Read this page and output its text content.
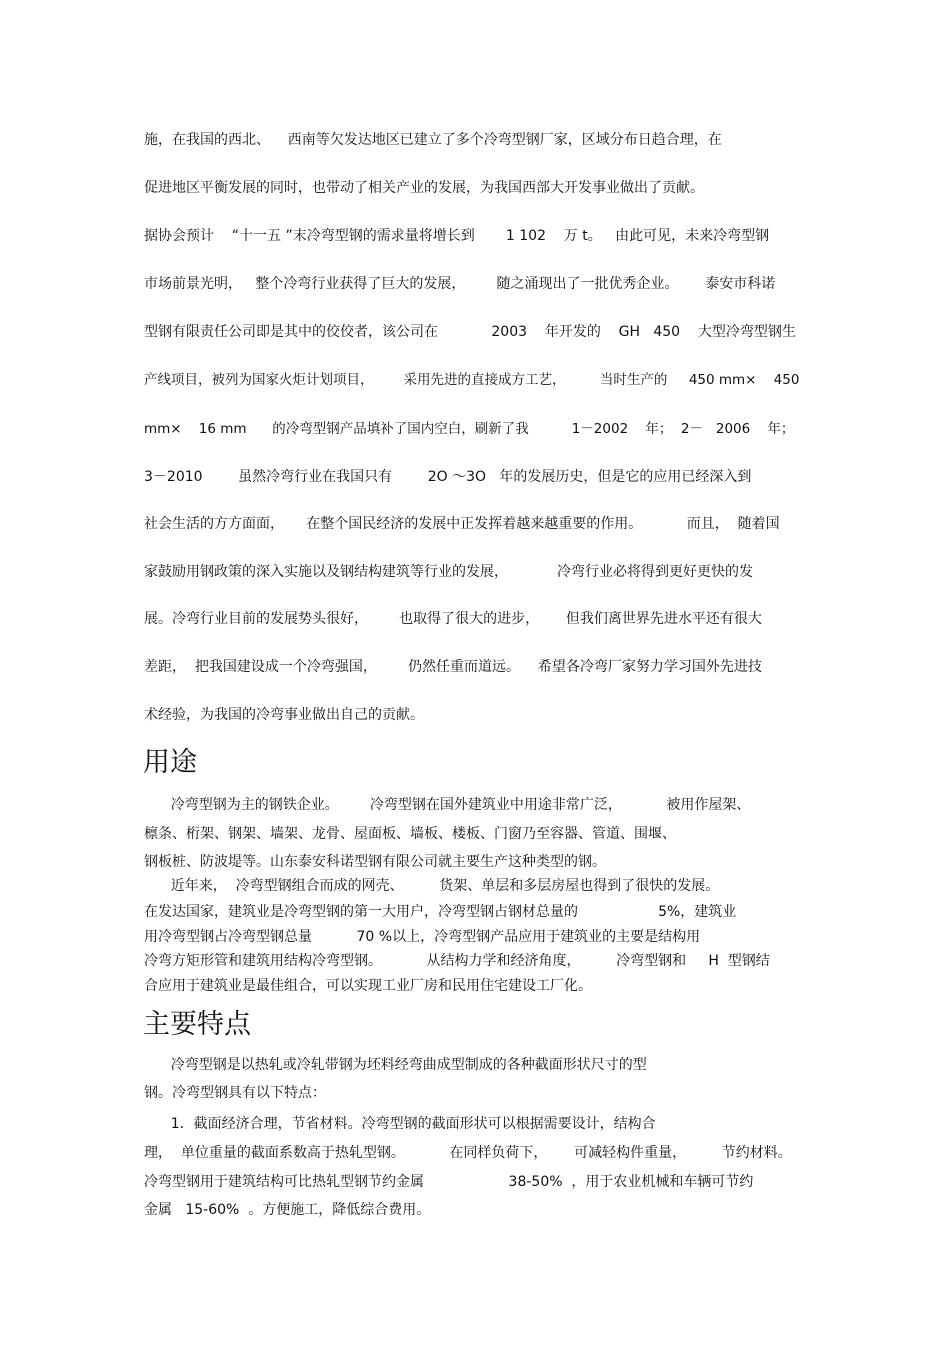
施，在我国的西北、    西南等欠发达地区已建立了多个冷弯型钢厂家，区域分布日趋合理，在
促进地区平衡发展的同时，也带动了相关产业的发展，为我国西部大开发事业做出了贡献。
据协会预计    “十一五 ”末冷弯型钢的需求量将增长到       1 102    万 t。   由此可见，未来冷弯型钢
市场前景光明，   整个冷弯行业获得了巨大的发展，       随之涌现出了一批优秀企业。      泰安市科诺
型钢有限责任公司即是其中的佼佼者，该公司在            2003    年开发的    GH   450    大型冷弯型钢生
产线项目，被列为国家火炬计划项目，       采用先进的直接成方工艺，        当时生产的     450 mm×    450
mm×    16 mm      的冷弯型钢产品填补了国内空白，刷新了我          1－2002    年；  2－   2006    年；
3－2010        虽然冷弯行业在我国只有        2O ～3O   年的发展历史，但是它的应用已经深入到
社会生活的方方面面，     在整个国民经济的发展中正发挥着越来越重要的作用。          而且，  随着国
家鼓励用钢政策的深入实施以及钢结构建筑等行业的发展，           冷弯行业必将得到更好更快的发
展。冷弯行业目前的发展势头很好，       也取得了很大的进步，      但我们离世界先进水平还有很大
差距，  把我国建设成一个冷弯强国，       仍然任重而道远。    希望各冷弯厂家努力学习国外先进技
术经验，为我国的冷弯事业做出自己的贡献。
用途
冷弯型钢为主的钢铁企业。       冷弯型钢在国外建筑业中用途非常广泛，          被用作屋架、
檩条、桁架、钢架、墙架、龙骨、屋面板、墙板、楼板、门窗乃至容器、管道、围堰、
钢板桩、防波堤等。山东泰安科诺型钢有限公司就主要生产这种类型的钢。
近年来，  冷弯型钢组合而成的网壳、        货架、单层和多层房屋也得到了很快的发展。
在发达国家，建筑业是冷弯型钢的第一大用户，冷弯型钢占钢材总量的                  5%，建筑业
用冷弯型钢占冷弯型钢总量          70 %以上，冷弯型钢产品应用于建筑业的主要是结构用
冷弯方矩形管和建筑用结构冷弯型钢。          从结构力学和经济角度，        冷弯型钢和     H  型钢结
合应用于建筑业是最佳组合，可以实现工业厂房和民用住宅建设工厂化。
主要特点
冷弯型钢是以热轧或冷轧带钢为坯料经弯曲成型制成的各种截面形状尺寸的型
钢。冷弯型钢具有以下特点：
1．截面经济合理，节省材料。冷弯型钢的截面形状可以根据需要设计，结构合
理，  单位重量的截面系数高于热轧型钢。          在同样负荷下，      可减轻构件重量，        节约材料。
冷弯型钢用于建筑结构可比热轧型钢节约金属                   38-50%  ，用于农业机械和车辆可节约
金属   15-60%  。方便施工，降低综合费用。
